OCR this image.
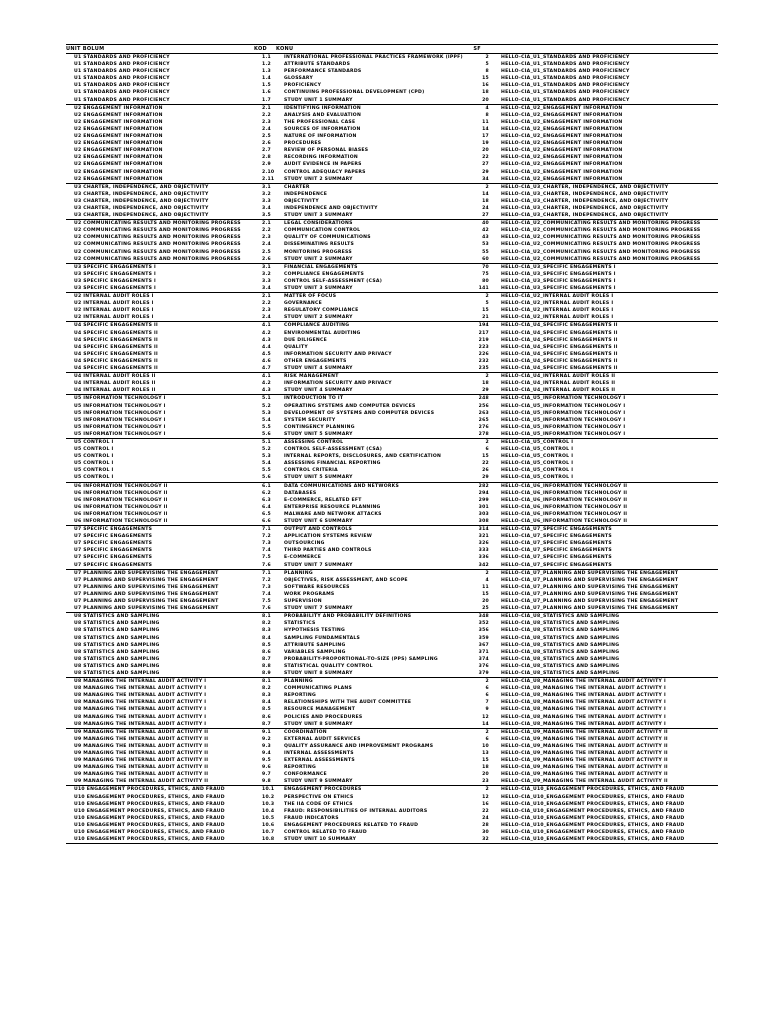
UNIT BOLUM	KOD	KONU	SF
U1 STANDARDS AND PROFICIENCY	1.1	INTERNATIONAL PROFESSIONAL PRACTICES FRAMEWORK (IPPF)	2	HELLO-CIA_U1_STANDARDS AND PROFICIENCY
U1 STANDARDS AND PROFICIENCY	1.2	ATTRIBUTE STANDARDS	5	HELLO-CIA_U1_STANDARDS AND PROFICIENCY
U1 STANDARDS AND PROFICIENCY	1.3	PERFORMANCE STANDARDS	8	HELLO-CIA_U1_STANDARDS AND PROFICIENCY
U1 STANDARDS AND PROFICIENCY	1.4	GLOSSARY	15	HELLO-CIA_U1_STANDARDS AND PROFICIENCY
U1 STANDARDS AND PROFICIENCY	1.5	PROFICIENCY	16	HELLO-CIA_U1_STANDARDS AND PROFICIENCY
U1 STANDARDS AND PROFICIENCY	1.6	CONTINUING PROFESSIONAL DEVELOPMENT (CPD)	18	HELLO-CIA_U1_STANDARDS AND PROFICIENCY
U1 STANDARDS AND PROFICIENCY	1.7	STUDY UNIT 1 SUMMARY	20	HELLO-CIA_U1_STANDARDS AND PROFICIENCY
U2 ENGAGEMENT INFORMATION	2.1	IDENTIFYING INFORMATION	4	HELLO-CIA_U2_ENGAGEMENT INFORMATION
U2 ENGAGEMENT INFORMATION	2.2	ANALYSIS AND EVALUATION	8	HELLO-CIA_U2_ENGAGEMENT INFORMATION
U2 ENGAGEMENT INFORMATION	2.3	THE PROFESSIONAL CASE	11	HELLO-CIA_U2_ENGAGEMENT INFORMATION
U2 ENGAGEMENT INFORMATION	2.4	SOURCES OF INFORMATION	14	HELLO-CIA_U2_ENGAGEMENT INFORMATION
U2 ENGAGEMENT INFORMATION	2.5	NATURE OF INFORMATION	17	HELLO-CIA_U2_ENGAGEMENT INFORMATION
U2 ENGAGEMENT INFORMATION	2.6	PROCEDURES	19	HELLO-CIA_U2_ENGAGEMENT INFORMATION
U2 ENGAGEMENT INFORMATION	2.7	REVIEW OF PERSONAL BIASES	20	HELLO-CIA_U2_ENGAGEMENT INFORMATION
U2 ENGAGEMENT INFORMATION	2.8	RECORDING INFORMATION	22	HELLO-CIA_U2_ENGAGEMENT INFORMATION
U2 ENGAGEMENT INFORMATION	2.9	AUDIT EVIDENCE IN PAPERS	27	HELLO-CIA_U2_ENGAGEMENT INFORMATION
U2 ENGAGEMENT INFORMATION	2.10	CONTROL ADEQUACY PAPERS	29	HELLO-CIA_U2_ENGAGEMENT INFORMATION
U2 ENGAGEMENT INFORMATION	2.11	STUDY UNIT 2 SUMMARY	34	HELLO-CIA_U2_ENGAGEMENT INFORMATION
U3 CHARTER, INDEPENDENCE, AND OBJECTIVITY	3.1	CHARTER	2	HELLO-CIA_U3_CHARTER, INDEPENDENCE, AND OBJECTIVITY
U3 CHARTER, INDEPENDENCE, AND OBJECTIVITY	3.2	INDEPENDENCE	14	HELLO-CIA_U3_CHARTER, INDEPENDENCE, AND OBJECTIVITY
U3 CHARTER, INDEPENDENCE, AND OBJECTIVITY	3.3	OBJECTIVITY	18	HELLO-CIA_U3_CHARTER, INDEPENDENCE, AND OBJECTIVITY
U3 CHARTER, INDEPENDENCE, AND OBJECTIVITY	3.4	INDEPENDENCE AND OBJECTIVITY	24	HELLO-CIA_U3_CHARTER, INDEPENDENCE, AND OBJECTIVITY
U3 CHARTER, INDEPENDENCE, AND OBJECTIVITY	3.5	STUDY UNIT 3 SUMMARY	27	HELLO-CIA_U3_CHARTER, INDEPENDENCE, AND OBJECTIVITY
U2 COMMUNICATING RESULTS AND MONITORING PROGRESS	2.1	LEGAL CONSIDERATIONS	40	HELLO-CIA_U2_COMMUNICATING RESULTS AND MONITORING PROGRESS
U2 COMMUNICATING RESULTS AND MONITORING PROGRESS	2.2	COMMUNICATION CONTROL	42	HELLO-CIA_U2_COMMUNICATING RESULTS AND MONITORING PROGRESS
U2 COMMUNICATING RESULTS AND MONITORING PROGRESS	2.3	QUALITY OF COMMUNICATIONS	43	HELLO-CIA_U2_COMMUNICATING RESULTS AND MONITORING PROGRESS
U2 COMMUNICATING RESULTS AND MONITORING PROGRESS	2.4	DISSEMINATING RESULTS	53	HELLO-CIA_U2_COMMUNICATING RESULTS AND MONITORING PROGRESS
U2 COMMUNICATING RESULTS AND MONITORING PROGRESS	2.5	MONITORING PROGRESS	55	HELLO-CIA_U2_COMMUNICATING RESULTS AND MONITORING PROGRESS
U2 COMMUNICATING RESULTS AND MONITORING PROGRESS	2.6	STUDY UNIT 2 SUMMARY	60	HELLO-CIA_U2_COMMUNICATING RESULTS AND MONITORING PROGRESS
U3 SPECIFIC ENGAGEMENTS I	3.1	FINANCIAL ENGAGEMENTS	70	HELLO-CIA_U3_SPECIFIC ENGAGEMENTS I
U3 SPECIFIC ENGAGEMENTS I	3.2	COMPLIANCE ENGAGEMENTS	75	HELLO-CIA_U3_SPECIFIC ENGAGEMENTS I
U3 SPECIFIC ENGAGEMENTS I	3.3	CONTROL SELF-ASSESSMENT (CSA)	80	HELLO-CIA_U3_SPECIFIC ENGAGEMENTS I
U3 SPECIFIC ENGAGEMENTS I	3.4	STUDY UNIT 3 SUMMARY	141	HELLO-CIA_U3_SPECIFIC ENGAGEMENTS I
U2 INTERNAL AUDIT ROLES I	2.1	MATTER OF FOCUS	2	HELLO-CIA_U2_INTERNAL AUDIT ROLES I
U2 INTERNAL AUDIT ROLES I	2.2	GOVERNANCE	5	HELLO-CIA_U2_INTERNAL AUDIT ROLES I
U2 INTERNAL AUDIT ROLES I	2.3	REGULATORY COMPLIANCE	15	HELLO-CIA_U2_INTERNAL AUDIT ROLES I
U2 INTERNAL AUDIT ROLES I	2.4	STUDY UNIT 2 SUMMARY	21	HELLO-CIA_U2_INTERNAL AUDIT ROLES I
U4 SPECIFIC ENGAGEMENTS II	4.1	COMPLIANCE AUDITING	194	HELLO-CIA_U4_SPECIFIC ENGAGEMENTS II
U4 SPECIFIC ENGAGEMENTS II	4.2	ENVIRONMENTAL AUDITING	217	HELLO-CIA_U4_SPECIFIC ENGAGEMENTS II
U4 SPECIFIC ENGAGEMENTS II	4.3	DUE DILIGENCE	219	HELLO-CIA_U4_SPECIFIC ENGAGEMENTS II
U4 SPECIFIC ENGAGEMENTS II	4.4	QUALITY	223	HELLO-CIA_U4_SPECIFIC ENGAGEMENTS II
U4 SPECIFIC ENGAGEMENTS II	4.5	INFORMATION SECURITY AND PRIVACY	226	HELLO-CIA_U4_SPECIFIC ENGAGEMENTS II
U4 SPECIFIC ENGAGEMENTS II	4.6	OTHER ENGAGEMENTS	232	HELLO-CIA_U4_SPECIFIC ENGAGEMENTS II
U4 SPECIFIC ENGAGEMENTS II	4.7	STUDY UNIT 4 SUMMARY	235	HELLO-CIA_U4_SPECIFIC ENGAGEMENTS II
U4 INTERNAL AUDIT ROLES II	4.1	RISK MANAGEMENT	2	HELLO-CIA_U4_INTERNAL AUDIT ROLES II
U4 INTERNAL AUDIT ROLES II	4.2	INFORMATION SECURITY AND PRIVACY	18	HELLO-CIA_U4_INTERNAL AUDIT ROLES II
U4 INTERNAL AUDIT ROLES II	4.3	STUDY UNIT 4 SUMMARY	29	HELLO-CIA_U4_INTERNAL AUDIT ROLES II
U5 INFORMATION TECHNOLOGY I	5.1	INTRODUCTION TO IT	248	HELLO-CIA_U5_INFORMATION TECHNOLOGY I
U5 INFORMATION TECHNOLOGY I	5.2	OPERATING SYSTEMS AND COMPUTER DEVICES	256	HELLO-CIA_U5_INFORMATION TECHNOLOGY I
U5 INFORMATION TECHNOLOGY I	5.3	DEVELOPMENT OF SYSTEMS AND COMPUTER DEVICES	263	HELLO-CIA_U5_INFORMATION TECHNOLOGY I
U5 INFORMATION TECHNOLOGY I	5.4	SYSTEM SECURITY	265	HELLO-CIA_U5_INFORMATION TECHNOLOGY I
U5 INFORMATION TECHNOLOGY I	5.5	CONTINGENCY PLANNING	276	HELLO-CIA_U5_INFORMATION TECHNOLOGY I
U5 INFORMATION TECHNOLOGY I	5.6	STUDY UNIT 5 SUMMARY	278	HELLO-CIA_U5_INFORMATION TECHNOLOGY I
U5 CONTROL I	5.1	ASSESSING CONTROL	2	HELLO-CIA_U5_CONTROL I
U5 CONTROL I	5.2	CONTROL SELF-ASSESSMENT (CSA)	6	HELLO-CIA_U5_CONTROL I
U5 CONTROL I	5.3	INTERNAL REPORTS, DISCLOSURES, AND CERTIFICATION	15	HELLO-CIA_U5_CONTROL I
U5 CONTROL I	5.4	ASSESSING FINANCIAL REPORTING	22	HELLO-CIA_U5_CONTROL I
U5 CONTROL I	5.5	CONTROL CRITERIA	26	HELLO-CIA_U5_CONTROL I
U5 CONTROL I	5.6	STUDY UNIT 5 SUMMARY	29	HELLO-CIA_U5_CONTROL I
U6 INFORMATION TECHNOLOGY II	6.1	DATA COMMUNICATIONS AND NETWORKS	282	HELLO-CIA_U6_INFORMATION TECHNOLOGY II
U6 INFORMATION TECHNOLOGY II	6.2	DATABASES	294	HELLO-CIA_U6_INFORMATION TECHNOLOGY II
U6 INFORMATION TECHNOLOGY II	6.3	E-COMMERCE, RELATED EFT	299	HELLO-CIA_U6_INFORMATION TECHNOLOGY II
U6 INFORMATION TECHNOLOGY II	6.4	ENTERPRISE RESOURCE PLANNING	301	HELLO-CIA_U6_INFORMATION TECHNOLOGY II
U6 INFORMATION TECHNOLOGY II	6.5	MALWARE AND NETWORK ATTACKS	303	HELLO-CIA_U6_INFORMATION TECHNOLOGY II
U6 INFORMATION TECHNOLOGY II	6.6	STUDY UNIT 6 SUMMARY	308	HELLO-CIA_U6_INFORMATION TECHNOLOGY II
U7 SPECIFIC ENGAGEMENTS	7.1	OUTPUT AND CONTROLS	314	HELLO-CIA_U7_SPECIFIC ENGAGEMENTS
U7 SPECIFIC ENGAGEMENTS	7.2	APPLICATION SYSTEMS REVIEW	321	HELLO-CIA_U7_SPECIFIC ENGAGEMENTS
U7 SPECIFIC ENGAGEMENTS	7.3	OUTSOURCING	326	HELLO-CIA_U7_SPECIFIC ENGAGEMENTS
U7 SPECIFIC ENGAGEMENTS	7.4	THIRD PARTIES AND CONTROLS	333	HELLO-CIA_U7_SPECIFIC ENGAGEMENTS
U7 SPECIFIC ENGAGEMENTS	7.5	E-COMMERCE	336	HELLO-CIA_U7_SPECIFIC ENGAGEMENTS
U7 SPECIFIC ENGAGEMENTS	7.6	STUDY UNIT 7 SUMMARY	342	HELLO-CIA_U7_SPECIFIC ENGAGEMENTS
U7 PLANNING AND SUPERVISING THE ENGAGEMENT	7.1	PLANNING	2	HELLO-CIA_U7_PLANNING AND SUPERVISING THE ENGAGEMENT
U7 PLANNING AND SUPERVISING THE ENGAGEMENT	7.2	OBJECTIVES, RISK ASSESSMENT, AND SCOPE	4	HELLO-CIA_U7_PLANNING AND SUPERVISING THE ENGAGEMENT
U7 PLANNING AND SUPERVISING THE ENGAGEMENT	7.3	SOFTWARE RESOURCES	11	HELLO-CIA_U7_PLANNING AND SUPERVISING THE ENGAGEMENT
U7 PLANNING AND SUPERVISING THE ENGAGEMENT	7.4	WORK PROGRAMS	15	HELLO-CIA_U7_PLANNING AND SUPERVISING THE ENGAGEMENT
U7 PLANNING AND SUPERVISING THE ENGAGEMENT	7.5	SUPERVISION	20	HELLO-CIA_U7_PLANNING AND SUPERVISING THE ENGAGEMENT
U7 PLANNING AND SUPERVISING THE ENGAGEMENT	7.6	STUDY UNIT 7 SUMMARY	25	HELLO-CIA_U7_PLANNING AND SUPERVISING THE ENGAGEMENT
U8 STATISTICS AND SAMPLING	8.1	PROBABILITY AND PROBABILITY DEFINITIONS	348	HELLO-CIA_U8_STATISTICS AND SAMPLING
U8 STATISTICS AND SAMPLING	8.2	STATISTICS	352	HELLO-CIA_U8_STATISTICS AND SAMPLING
U8 STATISTICS AND SAMPLING	8.3	HYPOTHESIS TESTING	356	HELLO-CIA_U8_STATISTICS AND SAMPLING
U8 STATISTICS AND SAMPLING	8.4	SAMPLING FUNDAMENTALS	359	HELLO-CIA_U8_STATISTICS AND SAMPLING
U8 STATISTICS AND SAMPLING	8.5	ATTRIBUTE SAMPLING	367	HELLO-CIA_U8_STATISTICS AND SAMPLING
U8 STATISTICS AND SAMPLING	8.6	VARIABLES SAMPLING	371	HELLO-CIA_U8_STATISTICS AND SAMPLING
U8 STATISTICS AND SAMPLING	8.7	PROBABILITY-PROPORTIONAL-TO-SIZE (PPS) SAMPLING	374	HELLO-CIA_U8_STATISTICS AND SAMPLING
U8 STATISTICS AND SAMPLING	8.8	STATISTICAL QUALITY CONTROL	376	HELLO-CIA_U8_STATISTICS AND SAMPLING
U8 STATISTICS AND SAMPLING	8.9	STUDY UNIT 8 SUMMARY	379	HELLO-CIA_U8_STATISTICS AND SAMPLING
U8 MANAGING THE INTERNAL AUDIT ACTIVITY I	8.1	PLANNING	2	HELLO-CIA_U8_MANAGING THE INTERNAL AUDIT ACTIVITY I
U8 MANAGING THE INTERNAL AUDIT ACTIVITY I	8.2	COMMUNICATING PLANS	6	HELLO-CIA_U8_MANAGING THE INTERNAL AUDIT ACTIVITY I
U8 MANAGING THE INTERNAL AUDIT ACTIVITY I	8.3	REPORTING	6	HELLO-CIA_U8_MANAGING THE INTERNAL AUDIT ACTIVITY I
U8 MANAGING THE INTERNAL AUDIT ACTIVITY I	8.4	RELATIONSHIPS WITH THE AUDIT COMMITTEE	7	HELLO-CIA_U8_MANAGING THE INTERNAL AUDIT ACTIVITY I
U8 MANAGING THE INTERNAL AUDIT ACTIVITY I	8.5	RESOURCE MANAGEMENT	9	HELLO-CIA_U8_MANAGING THE INTERNAL AUDIT ACTIVITY I
U8 MANAGING THE INTERNAL AUDIT ACTIVITY I	8.6	POLICIES AND PROCEDURES	12	HELLO-CIA_U8_MANAGING THE INTERNAL AUDIT ACTIVITY I
U8 MANAGING THE INTERNAL AUDIT ACTIVITY I	8.7	STUDY UNIT 8 SUMMARY	14	HELLO-CIA_U8_MANAGING THE INTERNAL AUDIT ACTIVITY I
U9 MANAGING THE INTERNAL AUDIT ACTIVITY II	9.1	COORDINATION	2	HELLO-CIA_U9_MANAGING THE INTERNAL AUDIT ACTIVITY II
U9 MANAGING THE INTERNAL AUDIT ACTIVITY II	9.2	EXTERNAL AUDIT SERVICES	6	HELLO-CIA_U9_MANAGING THE INTERNAL AUDIT ACTIVITY II
U9 MANAGING THE INTERNAL AUDIT ACTIVITY II	9.3	QUALITY ASSURANCE AND IMPROVEMENT PROGRAMS	10	HELLO-CIA_U9_MANAGING THE INTERNAL AUDIT ACTIVITY II
U9 MANAGING THE INTERNAL AUDIT ACTIVITY II	9.4	INTERNAL ASSESSMENTS	13	HELLO-CIA_U9_MANAGING THE INTERNAL AUDIT ACTIVITY II
U9 MANAGING THE INTERNAL AUDIT ACTIVITY II	9.5	EXTERNAL ASSESSMENTS	15	HELLO-CIA_U9_MANAGING THE INTERNAL AUDIT ACTIVITY II
U9 MANAGING THE INTERNAL AUDIT ACTIVITY II	9.6	REPORTING	18	HELLO-CIA_U9_MANAGING THE INTERNAL AUDIT ACTIVITY II
U9 MANAGING THE INTERNAL AUDIT ACTIVITY II	9.7	CONFORMANCE	20	HELLO-CIA_U9_MANAGING THE INTERNAL AUDIT ACTIVITY II
U9 MANAGING THE INTERNAL AUDIT ACTIVITY II	9.8	STUDY UNIT 9 SUMMARY	23	HELLO-CIA_U9_MANAGING THE INTERNAL AUDIT ACTIVITY II
U10 ENGAGEMENT PROCEDURES, ETHICS, AND FRAUD	10.1	ENGAGEMENT PROCEDURES	2	HELLO-CIA_U10_ENGAGEMENT PROCEDURES, ETHICS, AND FRAUD
U10 ENGAGEMENT PROCEDURES, ETHICS, AND FRAUD	10.2	PERSPECTIVE ON ETHICS	12	HELLO-CIA_U10_ENGAGEMENT PROCEDURES, ETHICS, AND FRAUD
U10 ENGAGEMENT PROCEDURES, ETHICS, AND FRAUD	10.3	THE IIA CODE OF ETHICS	16	HELLO-CIA_U10_ENGAGEMENT PROCEDURES, ETHICS, AND FRAUD
U10 ENGAGEMENT PROCEDURES, ETHICS, AND FRAUD	10.4	FRAUD: RESPONSIBILITIES OF INTERNAL AUDITORS	22	HELLO-CIA_U10_ENGAGEMENT PROCEDURES, ETHICS, AND FRAUD
U10 ENGAGEMENT PROCEDURES, ETHICS, AND FRAUD	10.5	FRAUD INDICATORS	24	HELLO-CIA_U10_ENGAGEMENT PROCEDURES, ETHICS, AND FRAUD
U10 ENGAGEMENT PROCEDURES, ETHICS, AND FRAUD	10.6	ENGAGEMENT PROCEDURES RELATED TO FRAUD	28	HELLO-CIA_U10_ENGAGEMENT PROCEDURES, ETHICS, AND FRAUD
U10 ENGAGEMENT PROCEDURES, ETHICS, AND FRAUD	10.7	CONTROL RELATED TO FRAUD	30	HELLO-CIA_U10_ENGAGEMENT PROCEDURES, ETHICS, AND FRAUD
U10 ENGAGEMENT PROCEDURES, ETHICS, AND FRAUD	10.8	STUDY UNIT 10 SUMMARY	32	HELLO-CIA_U10_ENGAGEMENT PROCEDURES, ETHICS, AND FRAUD
